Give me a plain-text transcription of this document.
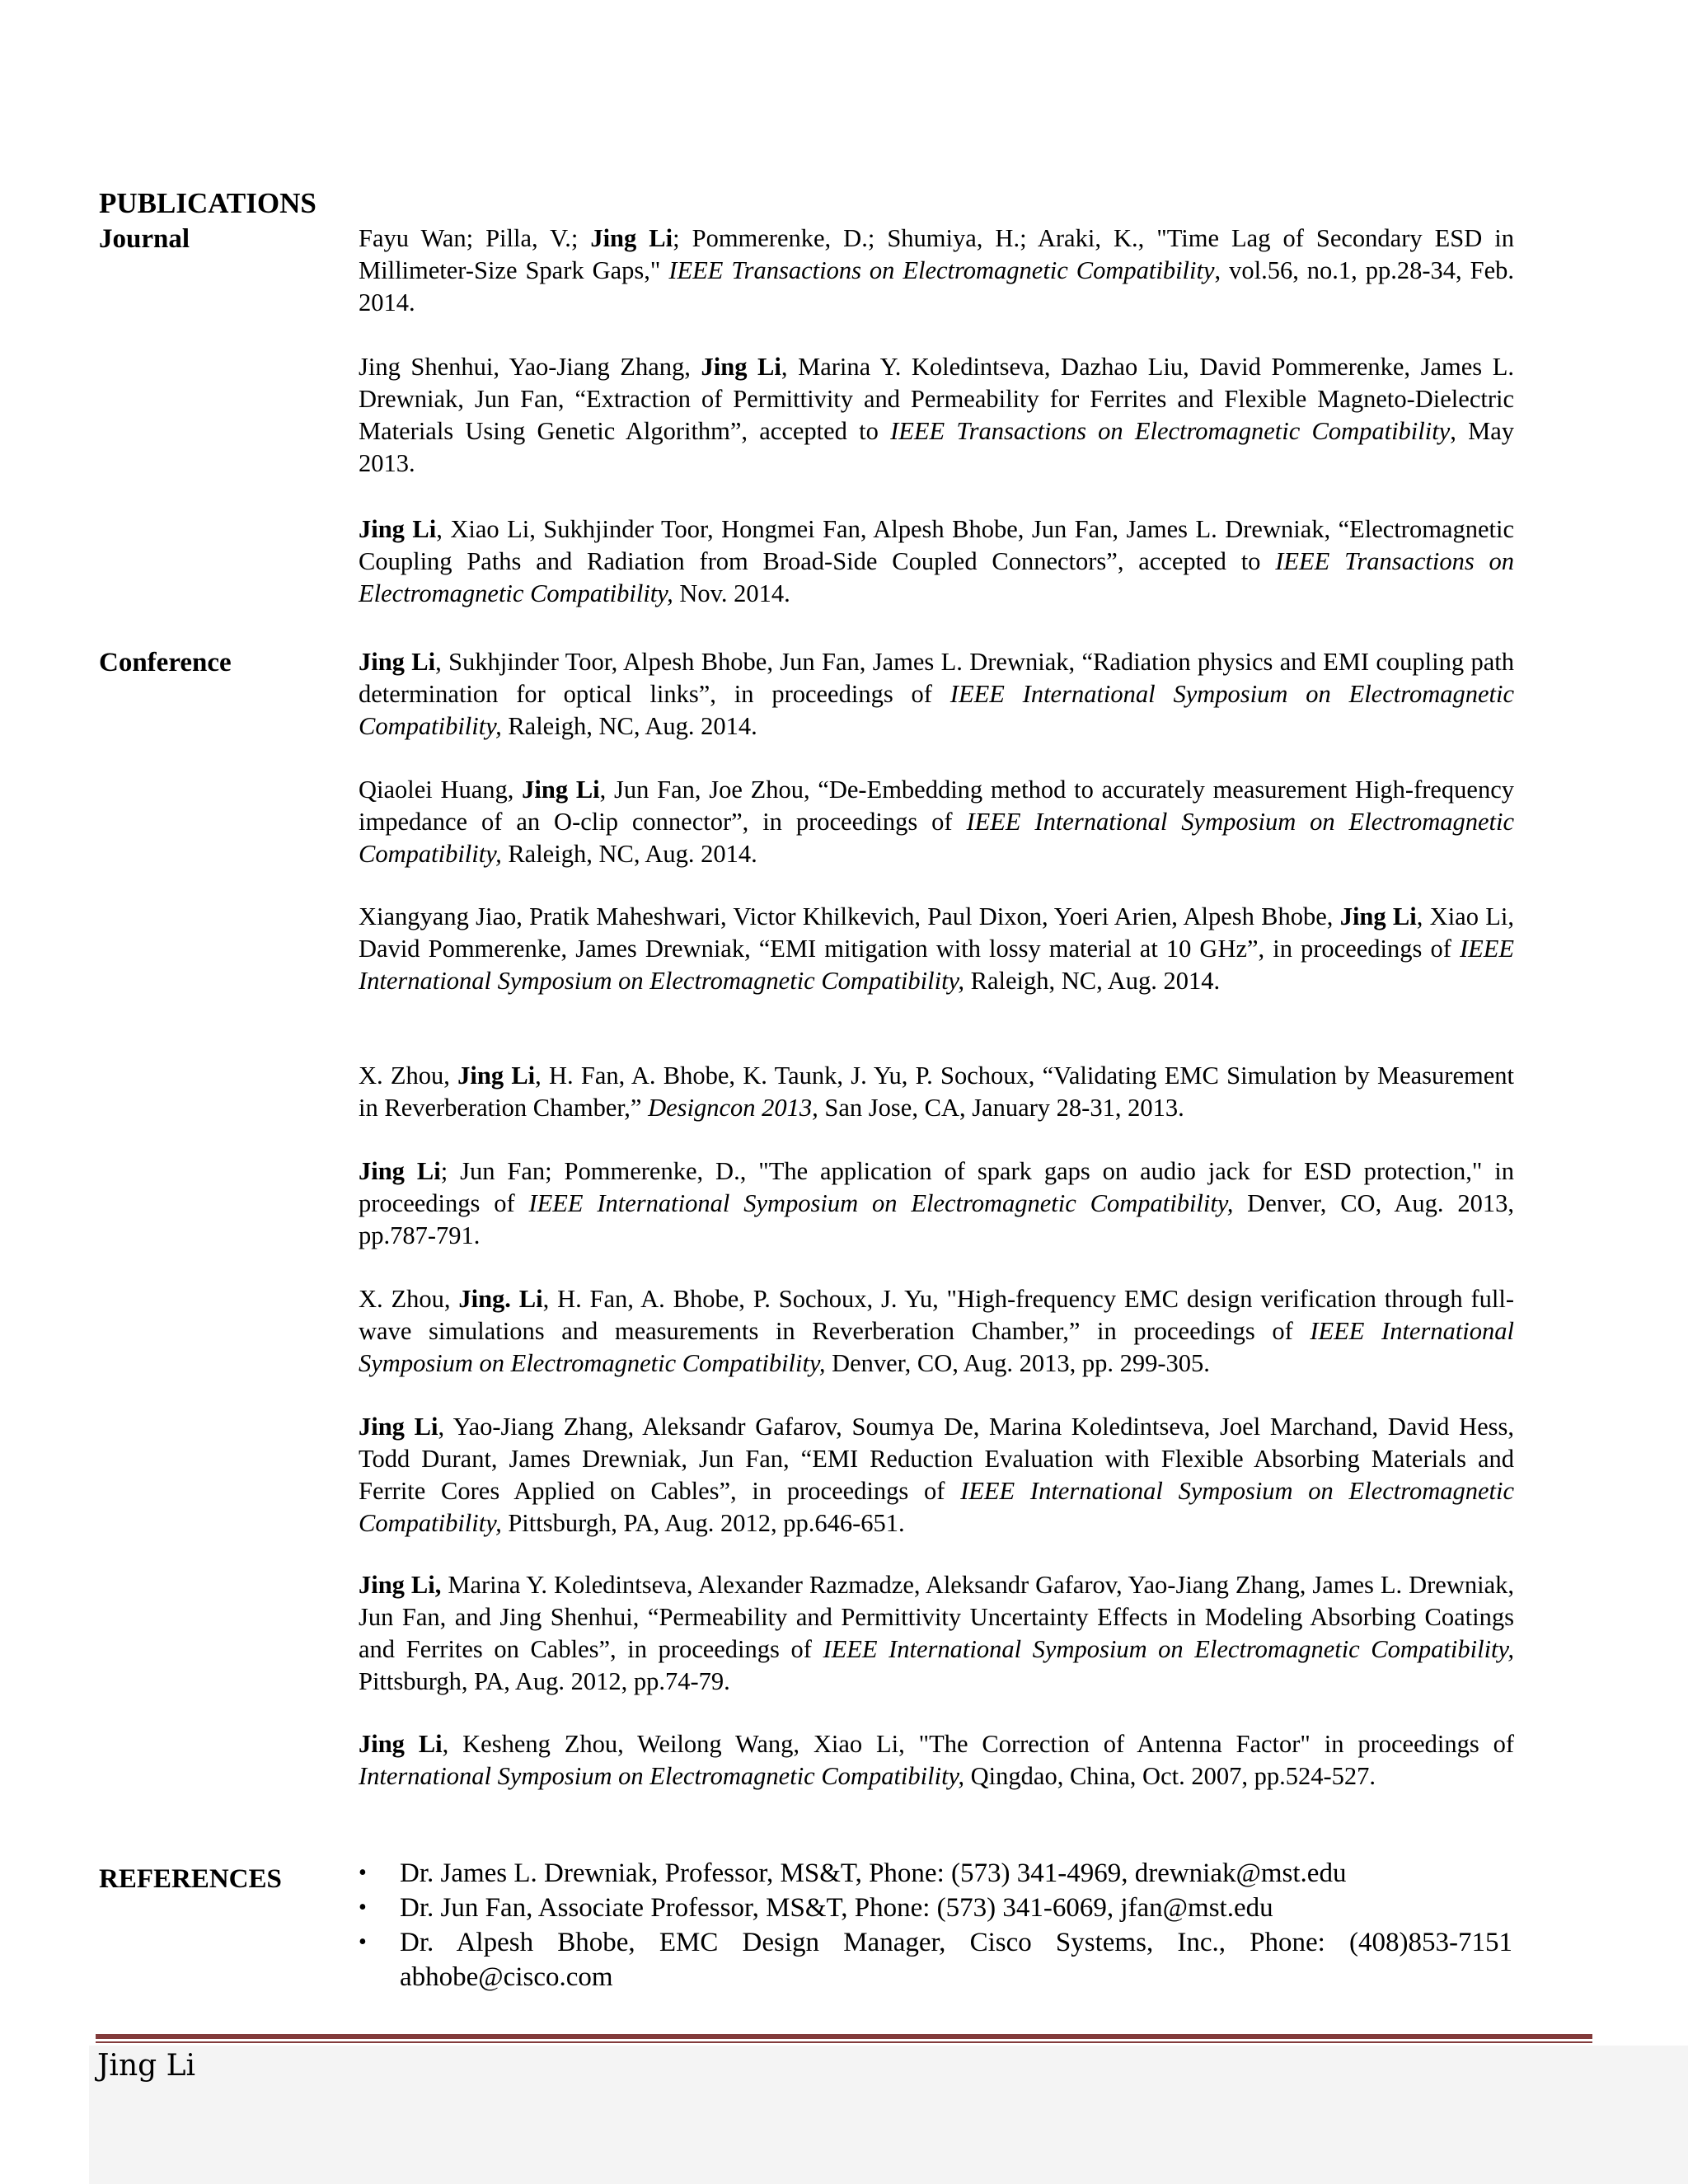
PUBLICATIONS
Journal
Conference
Fayu Wan; Pilla, V.; Jing Li; Pommerenke, D.; Shumiya, H.; Araki, K., "Time Lag of Secondary ESD in Millimeter-Size Spark Gaps," IEEE Transactions on Electromagnetic Compatibility, vol.56, no.1, pp.28-34, Feb. 2014.
Jing Shenhui, Yao-Jiang Zhang, Jing Li, Marina Y. Koledintseva, Dazhao Liu, David Pommerenke, James L. Drewniak, Jun Fan, “Extraction of Permittivity and Permeability for Ferrites and Flexible Magneto-Dielectric Materials Using Genetic Algorithm”, accepted to IEEE Transactions on Electromagnetic Compatibility, May 2013.
Jing Li, Xiao Li, Sukhjinder Toor, Hongmei Fan, Alpesh Bhobe, Jun Fan, James L. Drewniak, “Electromagnetic Coupling Paths and Radiation from Broad-Side Coupled Connectors”, accepted to IEEE Transactions on Electromagnetic Compatibility, Nov. 2014.
Jing Li, Sukhjinder Toor, Alpesh Bhobe, Jun Fan, James L. Drewniak, “Radiation physics and EMI coupling path determination for optical links”, in proceedings of IEEE International Symposium on Electromagnetic Compatibility, Raleigh, NC, Aug. 2014.
Qiaolei Huang, Jing Li, Jun Fan, Joe Zhou, “De-Embedding method to accurately measurement High-frequency impedance of an O-clip connector”, in proceedings of IEEE International Symposium on Electromagnetic Compatibility, Raleigh, NC, Aug. 2014.
Xiangyang Jiao, Pratik Maheshwari, Victor Khilkevich, Paul Dixon, Yoeri Arien, Alpesh Bhobe, Jing Li, Xiao Li, David Pommerenke, James Drewniak, “EMI mitigation with lossy material at 10 GHz”, in proceedings of IEEE International Symposium on Electromagnetic Compatibility, Raleigh, NC, Aug. 2014.
X. Zhou, Jing Li, H. Fan, A. Bhobe, K. Taunk, J. Yu, P. Sochoux, “Validating EMC Simulation by Measurement in Reverberation Chamber,” Designcon 2013, San Jose, CA, January 28-31, 2013.
Jing Li; Jun Fan; Pommerenke, D., "The application of spark gaps on audio jack for ESD protection," in proceedings of IEEE International Symposium on Electromagnetic Compatibility, Denver, CO, Aug. 2013, pp.787-791.
X. Zhou, Jing. Li, H. Fan, A. Bhobe, P. Sochoux, J. Yu, "High-frequency EMC design verification through full-wave simulations and measurements in Reverberation Chamber,” in proceedings of IEEE International Symposium on Electromagnetic Compatibility, Denver, CO, Aug. 2013, pp. 299-305.
Jing Li, Yao-Jiang Zhang, Aleksandr Gafarov, Soumya De, Marina Koledintseva, Joel Marchand, David Hess, Todd Durant, James Drewniak, Jun Fan, “EMI Reduction Evaluation with Flexible Absorbing Materials and Ferrite Cores Applied on Cables”, in proceedings of IEEE International Symposium on Electromagnetic Compatibility, Pittsburgh, PA, Aug. 2012, pp.646-651.
Jing Li, Marina Y. Koledintseva, Alexander Razmadze, Aleksandr Gafarov, Yao-Jiang Zhang, James L. Drewniak, Jun Fan, and Jing Shenhui, “Permeability and Permittivity Uncertainty Effects in Modeling Absorbing Coatings and Ferrites on Cables”, in proceedings of IEEE International Symposium on Electromagnetic Compatibility, Pittsburgh, PA, Aug. 2012, pp.74-79.
Jing Li, Kesheng Zhou, Weilong Wang, Xiao Li, "The Correction of Antenna Factor" in proceedings of International Symposium on Electromagnetic Compatibility, Qingdao, China, Oct. 2007, pp.524-527.
REFERENCES	• Dr. James L. Drewniak, Professor, MS&T, Phone: (573) 341-4969, drewniak@mst.edu
• Dr. Jun Fan, Associate Professor, MS&T, Phone: (573) 341-6069, jfan@mst.edu
• Dr. Alpesh Bhobe, EMC Design Manager, Cisco Systems, Inc., Phone: (408)853-7151 abhobe@cisco.com
Jing Li
